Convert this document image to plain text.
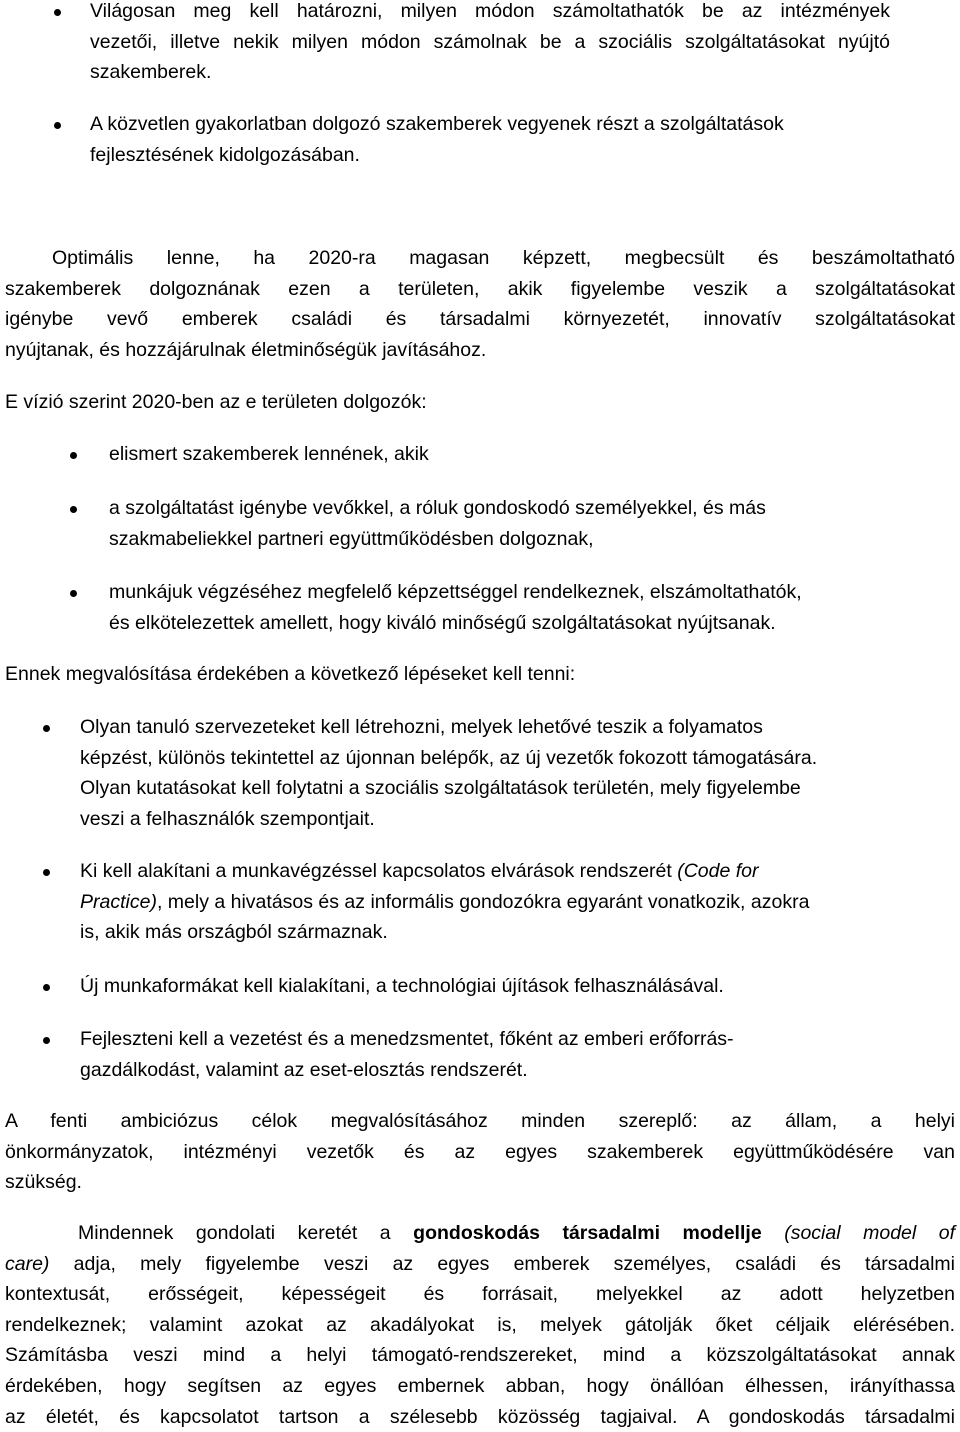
Világosan meg kell határozni, milyen módon számoltathatók be az intézmények
vezetői, illetve nekik milyen módon számolnak be a szociális szolgáltatásokat nyújtó
szakemberek.

A közvetlen gyakorlatban dolgozó szakemberek vegyenek részt a szolgáltatások
fejlesztésének kidolgozásában.

Optimális lenne, ha 2020-ra magasan képzett, megbecsült és beszámoltatható
szakemberek dolgoznának ezen a területen, akik figyelembe veszik a szolgáltatásokat
igénybe vevő emberek családi és társadalmi környezetét, innovatív szolgáltatásokat
nyújtanak, és hozzájárulnak életminőségük javításához.

E vízió szerint 2020-ben az e területen dolgozók:

elismert szakemberek lennének, akik

a szolgáltatást igénybe vevőkkel, a róluk gondoskodó személyekkel, és más
szakmabeliekkel partneri együttműködésben dolgoznak,

munkájuk végzéséhez megfelelő képzettséggel rendelkeznek, elszámoltathatók,
és elkötelezettek amellett, hogy kiváló minőségű szolgáltatásokat nyújtsanak.

Ennek megvalósítása érdekében a következő lépéseket kell tenni:

Olyan tanuló szervezeteket kell létrehozni, melyek lehetővé teszik a folyamatos
képzést, különös tekintettel az újonnan belépők, az új vezetők fokozott támogatására.
Olyan kutatásokat kell folytatni a szociális szolgáltatások területén, mely figyelembe
veszi a felhasználók szempontjait.

Ki kell alakítani a munkavégzéssel kapcsolatos elvárások rendszerét (Code for
Practice), mely a hivatásos és az informális gondozókra egyaránt vonatkozik, azokra
is, akik más országból származnak.

Új munkaformákat kell kialakítani, a technológiai újítások felhasználásával.

Fejleszteni kell a vezetést és a menedzsmentet, főként az emberi erőforrás-
gazdálkodást, valamint az eset-elosztás rendszerét.

A fenti ambiciózus célok megvalósításához minden szereplő: az állam, a helyi
önkormányzatok, intézményi vezetők és az egyes szakemberek együttműködésére van
szükség.

Mindennek gondolati keretét a gondoskodás társadalmi modellje (social model of
care) adja, mely figyelembe veszi az egyes emberek személyes, családi és társadalmi
kontextusát, erősségeit, képességeit és forrásait, melyekkel az adott helyzetben
rendelkeznek; valamint azokat az akadályokat is, melyek gátolják őket céljaik elérésében.
Számításba veszi mind a helyi támogató-rendszereket, mind a közszolgáltatásokat annak
érdekében, hogy segítsen az egyes embernek abban, hogy önállóan élhessen, irányíthassa
az életét, és kapcsolatot tartson a szélesebb közösség tagjaival. A gondoskodás társadalmi
